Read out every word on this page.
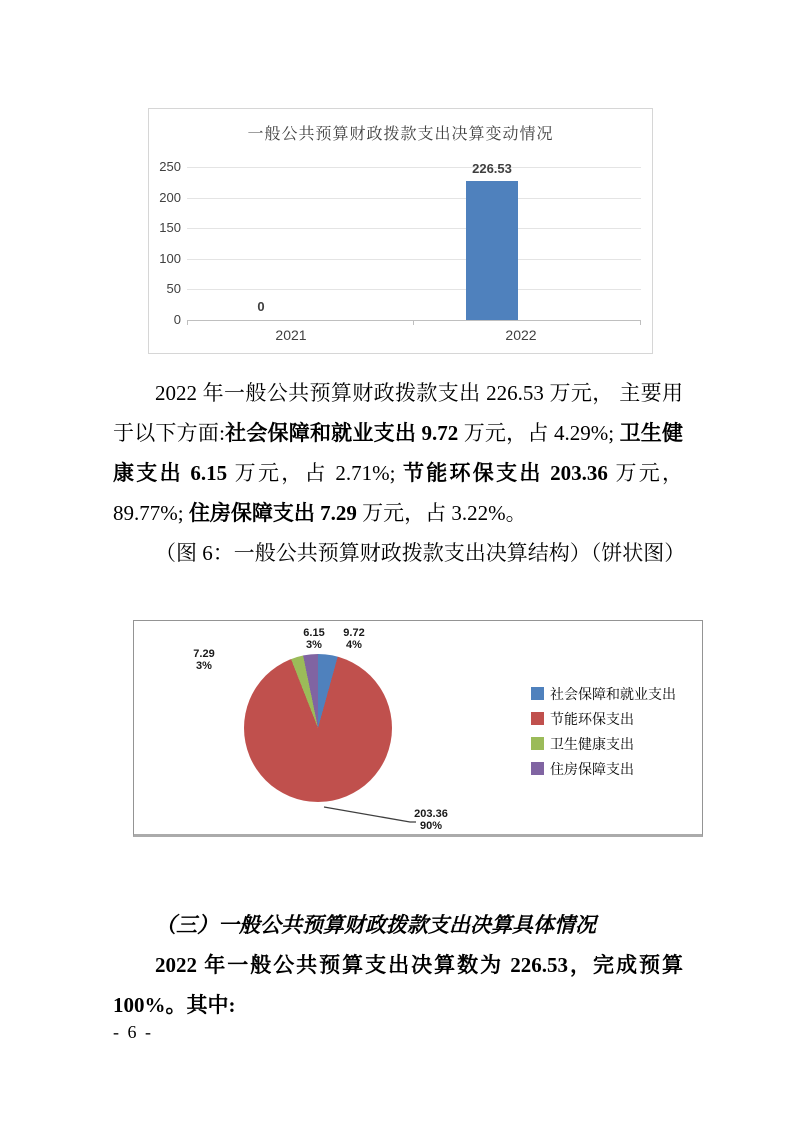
一般公共预算财政拨款支出决算变动情况
0
50
100
150
200
250
0
226.53
2021	2022
2022 年一般公共预算财政拨款支出 226.53 万元， 主要用于以下方面:社会保障和就业支出 9.72 万元，占 4.29%; 卫生健康支出 6.15 万元，占 2.71%; 节能环保支出 203.36 万元，89.77%; 住房保障支出 7.29 万元，占 3.22%。
（图 6：一般公共预算财政拨款支出决算结构）（饼状图）
6.15
3%
9.72
4%
7.29
3%
203.36
90%
社会保障和就业支出
节能环保支出
卫生健康支出
住房保障支出
（三）一般公共预算财政拨款支出决算具体情况
2022 年一般公共预算支出决算数为 226.53，完成预算 100%。其中:
- 6 -
